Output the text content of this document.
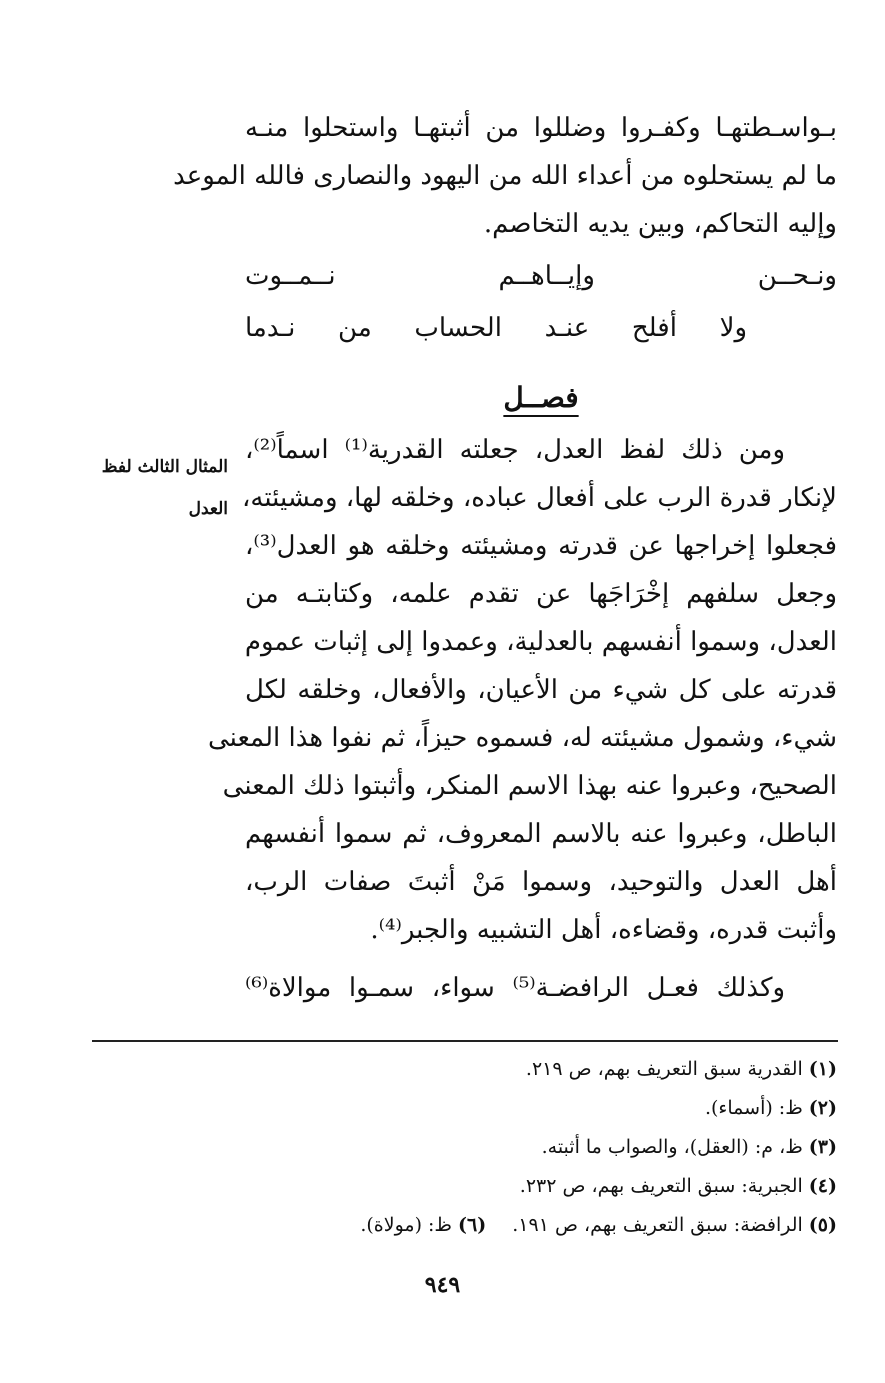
بـواسـطتهـا وكفـروا وضللوا من أثبتهـا واستحلوا منـه
ما لم يستحلوه من أعداء الله من اليهود والنصارى فالله الموعد
وإليه التحاكم، وبين يديه التخاصم.
ونـحــن وإيــاهــم نــمــوت
ولا أفلح عنـد الحساب من نـدما
فصــل
ومن ذلك لفظ العدل، جعلته القدرية⁽¹⁾ اسماً⁽²⁾،
لإنكار قدرة الرب على أفعال عباده، وخلقه لها، ومشيئته،
فجعلوا إخراجها عن قدرته ومشيئته وخلقه هو العدل⁽³⁾،
وجعل سلفهم إخْرَاجَها عن تقدم علمه، وكتابتـه من
العدل، وسموا أنفسهم بالعدلية، وعمدوا إلى إثبات عموم
قدرته على كل شيء من الأعيان، والأفعال، وخلقه لكل
شيء، وشمول مشيئته له، فسموه حيزاً، ثم نفوا هذا المعنى
الصحيح، وعبروا عنه بهذا الاسم المنكر، وأثبتوا ذلك المعنى
الباطل، وعبروا عنه بالاسم المعروف، ثم سموا أنفسهم
أهل العدل والتوحيد، وسموا مَنْ أثبتَ صفات الرب،
وأثبت قدره، وقضاءه، أهل التشبيه والجبر⁽⁴⁾.
وكذلك فعـل الرافضـة⁽⁵⁾ سواء، سمـوا موالاة⁽⁶⁾
المثال الثالث لفظ
العدل
(١)القدرية سبق التعريف بهم، ص ٢١٩.
(٢)ظ: (أسماء).
(٣)ظ، م: (العقل)، والصواب ما أثبته.
(٤)الجبرية: سبق التعريف بهم، ص ٢٣٢.
(٥)الرافضة: سبق التعريف بهم، ص ١٩١.(٦)ظ: (مولاة).
٩٤٩
